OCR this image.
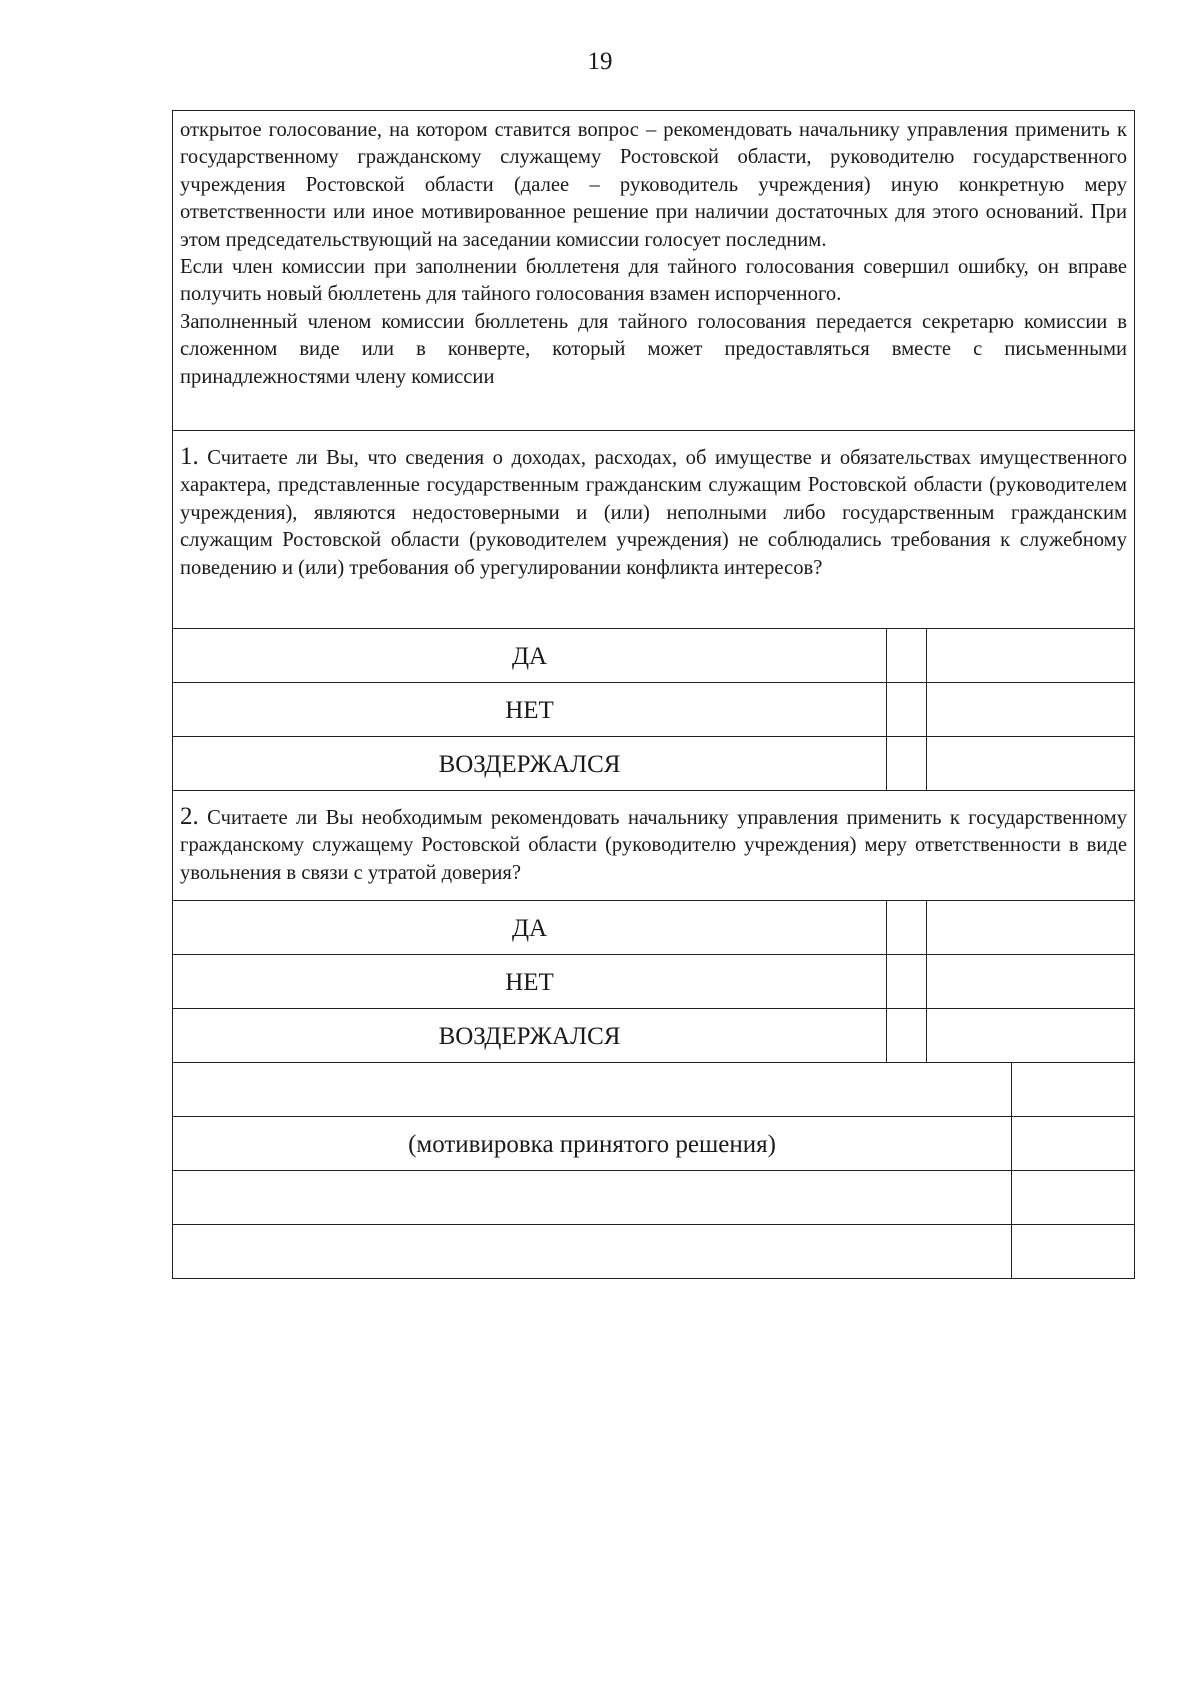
19

открытое голосование, на котором ставится вопрос – рекомендовать начальнику управления применить к государственному гражданскому служащему Ростовской области, руководителю государственного учреждения Ростовской области (далее – руководитель учреждения) иную конкретную меру ответственности или иное мотивированное решение при наличии достаточных для этого оснований. При этом председательствующий на заседании комиссии голосует последним.

Если член комиссии при заполнении бюллетеня для тайного голосования совершил ошибку, он вправе получить новый бюллетень для тайного голосования взамен испорченного.

Заполненный членом комиссии бюллетень для тайного голосования передается секретарю комиссии в сложенном виде или в конверте, который может предоставляться вместе с письменными принадлежностями члену комиссии

1. Считаете ли Вы, что сведения о доходах, расходах, об имуществе и обязательствах имущественного характера, представленные государственным гражданским служащим Ростовской области (руководителем учреждения), являются недостоверными и (или) неполными либо государственным гражданским служащим Ростовской области (руководителем учреждения) не соблюдались требования к служебному поведению и (или) требования об урегулировании конфликта интересов?
ДА
НЕТ
ВОЗДЕРЖАЛСЯ
2. Считаете ли Вы необходимым рекомендовать начальнику управления применить к государственному гражданскому служащему Ростовской области (руководителю учреждения) меру ответственности в виде увольнения в связи с утратой доверия?
ДА
НЕТ
ВОЗДЕРЖАЛСЯ
(мотивировка принятого решения)
